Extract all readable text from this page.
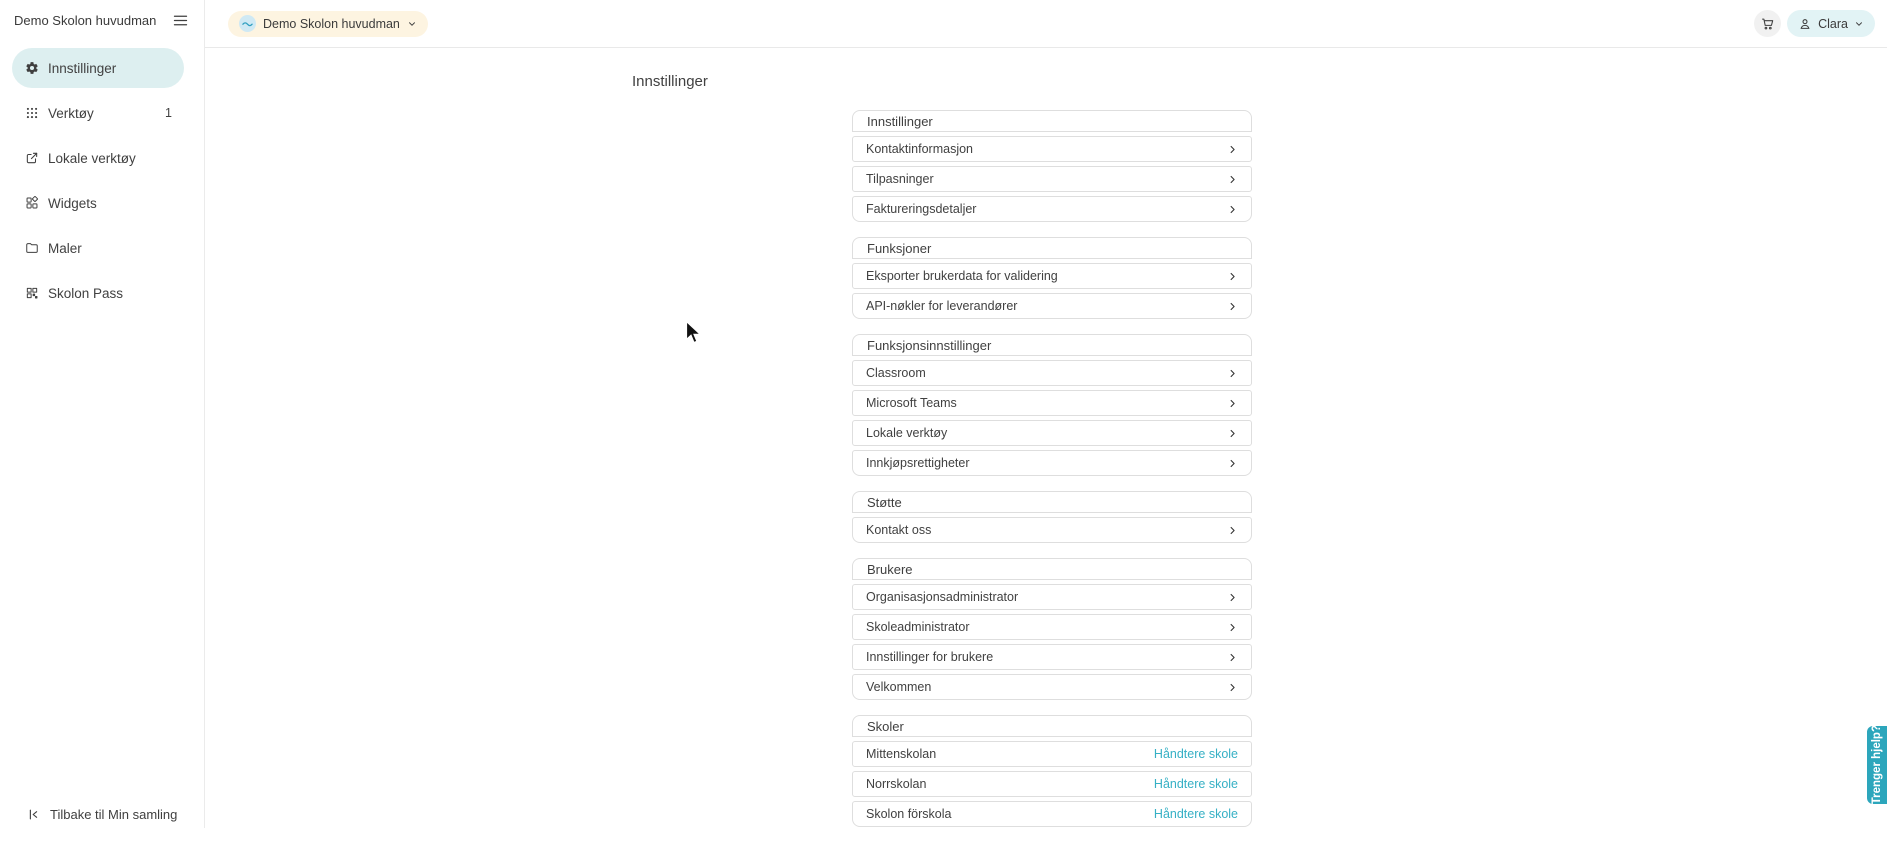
Demo Skolon huvudman
Innstillinger
Verktøy	1
Lokale verktøy
Widgets
Maler
Skolon Pass
Tilbake til Min samling
Demo Skolon huvudman	Clara
Innstillinger
Innstillinger
Kontaktinformasjon
Tilpasninger
Faktureringsdetaljer
Funksjoner
Eksporter brukerdata for validering
API-nøkler for leverandører
Funksjonsinnstillinger
Classroom
Microsoft Teams
Lokale verktøy
Innkjøpsrettigheter
Støtte
Kontakt oss
Brukere
Organisasjonsadministrator
Skoleadministrator
Innstillinger for brukere
Velkommen
Skoler
Mittenskolan	Håndtere skole
Norrskolan	Håndtere skole
Skolon förskola	Håndtere skole
Trenger hjelp?
